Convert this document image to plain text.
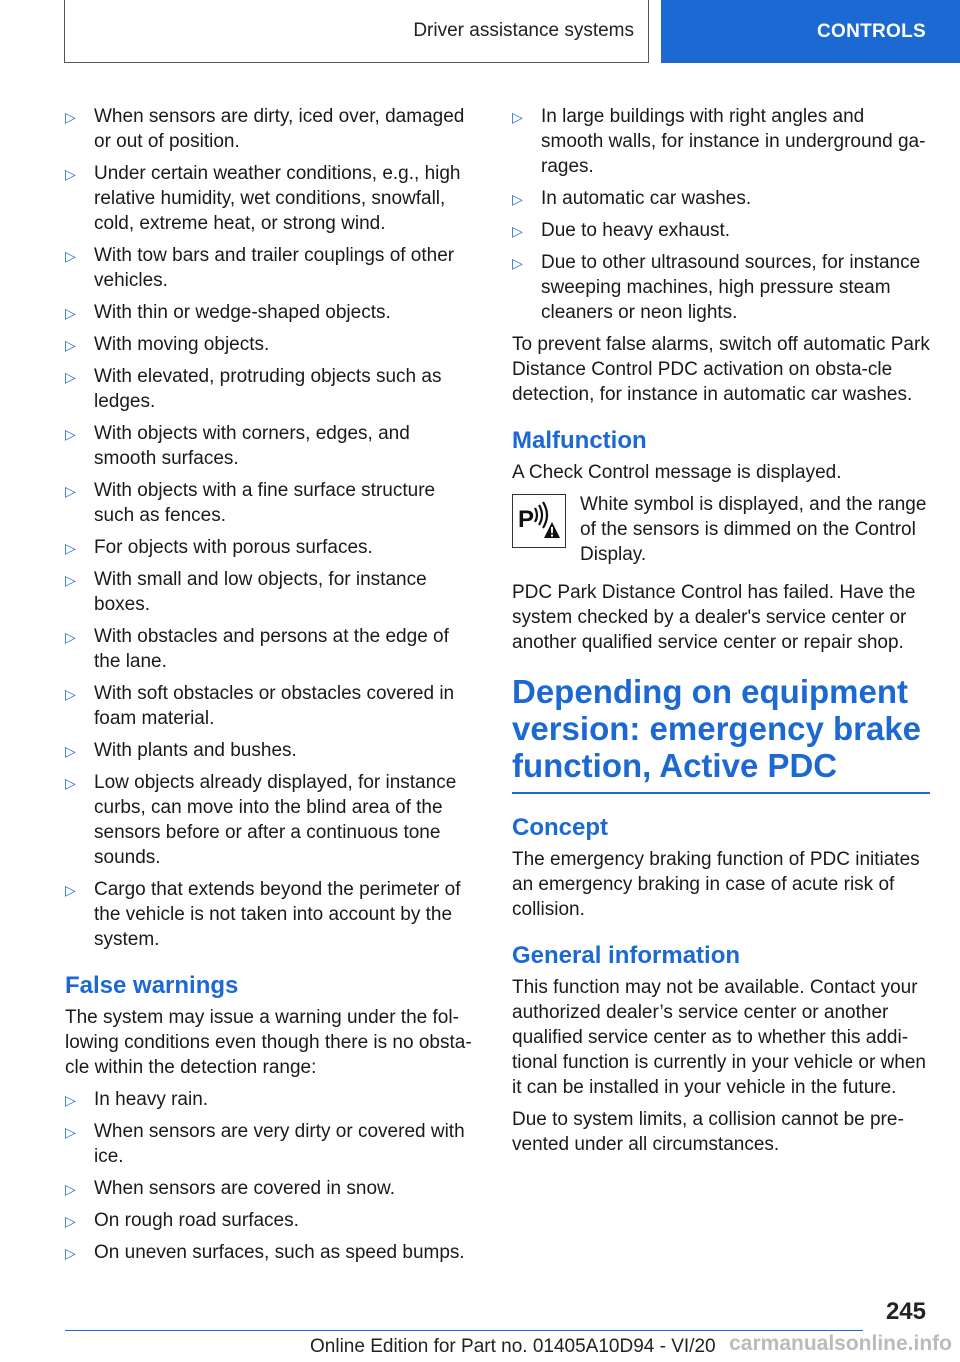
Driver assistance systems	CONTROLS
▷ When sensors are dirty, iced over, damaged or out of position.
▷ Under certain weather conditions, e.g., high relative humidity, wet conditions, snowfall, cold, extreme heat, or strong wind.
▷ With tow bars and trailer couplings of other vehicles.
▷ With thin or wedge-shaped objects.
▷ With moving objects.
▷ With elevated, protruding objects such as ledges.
▷ With objects with corners, edges, and smooth surfaces.
▷ With objects with a fine surface structure such as fences.
▷ For objects with porous surfaces.
▷ With small and low objects, for instance boxes.
▷ With obstacles and persons at the edge of the lane.
▷ With soft obstacles or obstacles covered in foam material.
▷ With plants and bushes.
▷ Low objects already displayed, for instance curbs, can move into the blind area of the sensors before or after a continuous tone sounds.
▷ Cargo that extends beyond the perimeter of the vehicle is not taken into account by the system.
False warnings

The system may issue a warning under the fol-lowing conditions even though there is no obsta-cle within the detection range:

▷ In heavy rain.
▷ When sensors are very dirty or covered with ice.
▷ When sensors are covered in snow.
▷ On rough road surfaces.
▷ On uneven surfaces, such as speed bumps.
▷ In large buildings with right angles and smooth walls, for instance in underground ga-rages.
▷ In automatic car washes.
▷ Due to heavy exhaust.
▷ Due to other ultrasound sources, for instance sweeping machines, high pressure steam cleaners or neon lights.

To prevent false alarms, switch off automatic Park Distance Control PDC activation on obsta-cle detection, for instance in automatic car washes.

Malfunction

A Check Control message is displayed.

P
White symbol is displayed, and the range of the sensors is dimmed on the Control Display.

PDC Park Distance Control has failed. Have the system checked by a dealer's service center or another qualified service center or repair shop.

Depending on equipment version: emergency brake function, Active PDC
Concept

The emergency braking function of PDC initiates an emergency braking in case of acute risk of collision.

General information

This function may not be available. Contact your authorized dealer’s service center or another qualified service center as to whether this addi-tional function is currently in your vehicle or when it can be installed in your vehicle in the future.

Due to system limits, a collision cannot be pre-vented under all circumstances.

245
Online Edition for Part no. 01405A10D94 - VI/20 carmanualsonline.info
